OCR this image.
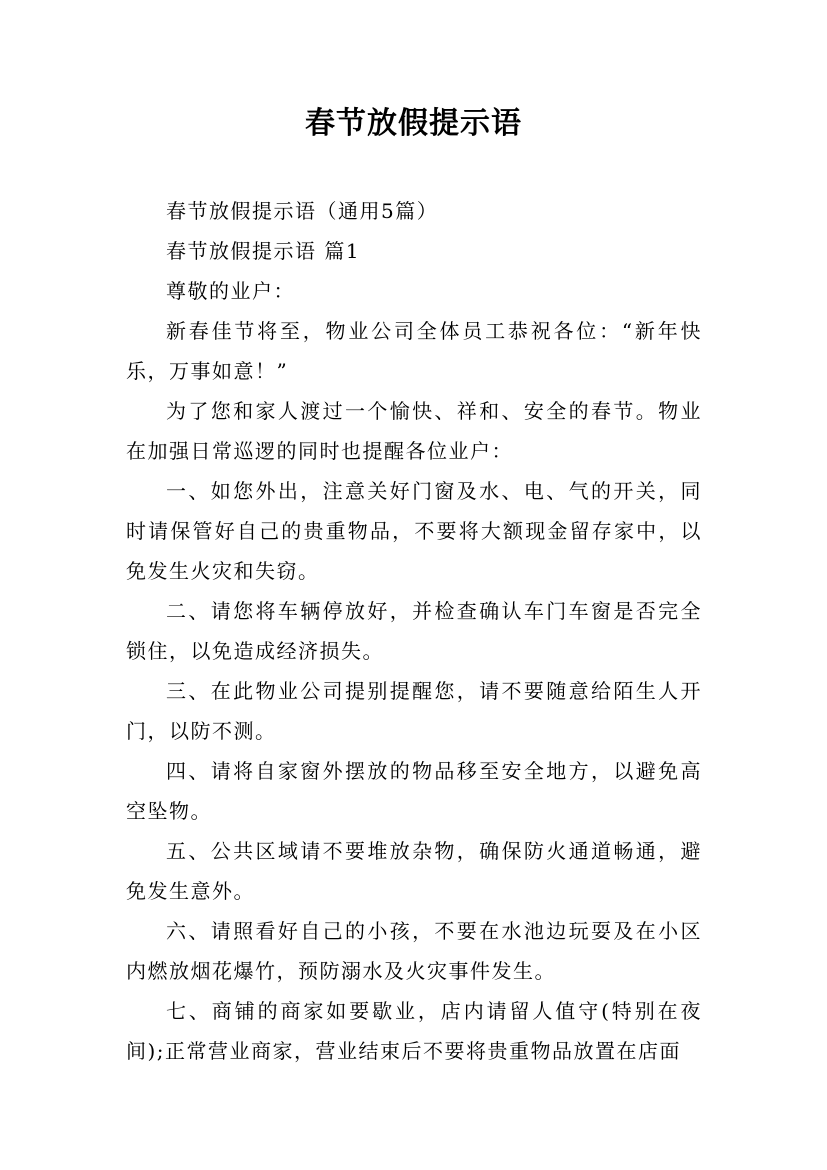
春节放假提示语

春节放假提示语（通用5篇）

春节放假提示语 篇1

尊敬的业户：

新春佳节将至，物业公司全体员工恭祝各位：“新年快乐，万事如意！”

为了您和家人渡过一个愉快、祥和、安全的春节。物业在加强日常巡逻的同时也提醒各位业户：

一、如您外出，注意关好门窗及水、电、气的开关，同时请保管好自己的贵重物品，不要将大额现金留存家中，以免发生火灾和失窃。

二、请您将车辆停放好，并检查确认车门车窗是否完全锁住，以免造成经济损失。

三、在此物业公司提别提醒您，请不要随意给陌生人开门，以防不测。

四、请将自家窗外摆放的物品移至安全地方，以避免高空坠物。

五、公共区域请不要堆放杂物，确保防火通道畅通，避免发生意外。

六、请照看好自己的小孩，不要在水池边玩耍及在小区内燃放烟花爆竹，预防溺水及火灾事件发生。

七、商铺的商家如要歇业，店内请留人值守(特别在夜间);正常营业商家，营业结束后不要将贵重物品放置在店面
